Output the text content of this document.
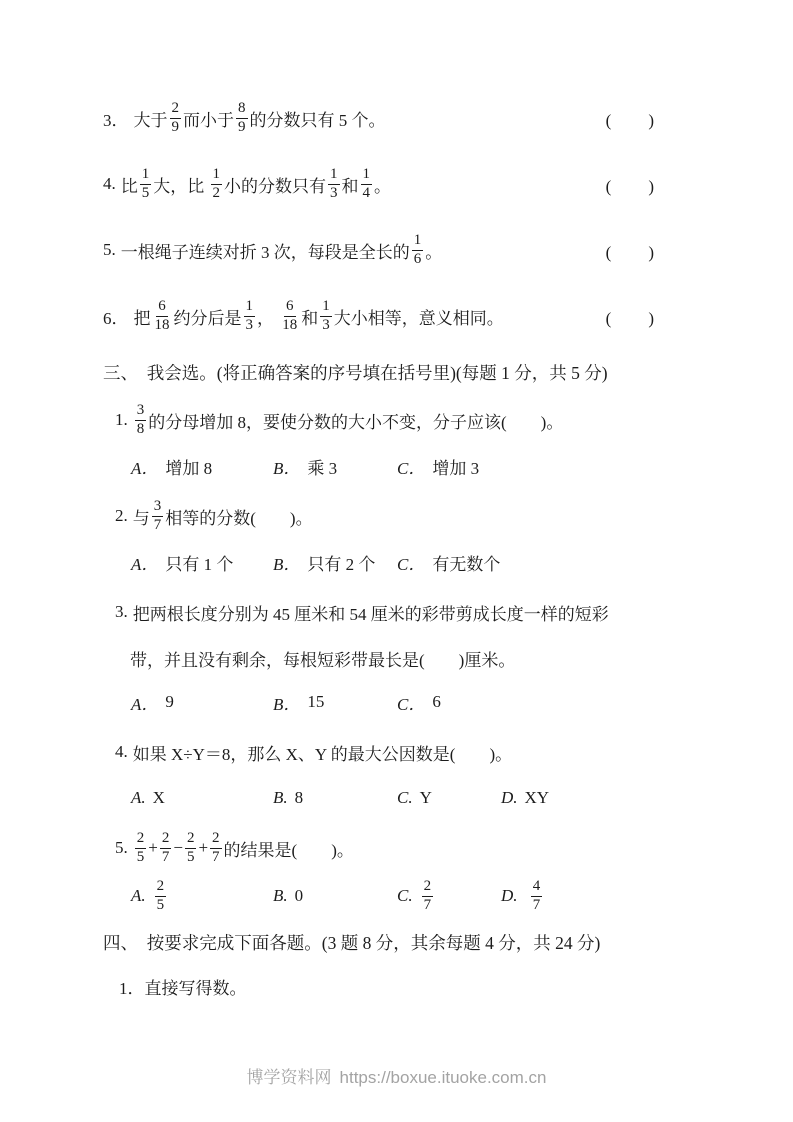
3． 大于 $\frac{2}{9}$ 而小于 $\frac{8}{9}$ 的分数只有 5 个。	(　　)
4. 比 $\frac{1}{5}$ 大，比 $\frac{1}{2}$ 小的分数只有 $\frac{1}{3}$ 和 $\frac{1}{4}$ 。	(　　)
5. 一根绳子连续对折 3 次，每段是全长的 $\frac{1}{6}$ 。	(　　)
6． 把 $\frac{6}{18}$ 约分后是 $\frac{1}{3}$ ， $\frac{6}{18}$ 和 $\frac{1}{3}$ 大小相等，意义相同。	(　　)
三、　我会选。(将正确答案的序号填在括号里)(每题 1 分，共 5 分)
1. $\frac{3}{8}$ 的分母增加 8，要使分数的大小不变，分子应该(　　)。
A． 增加 8	B． 乘 3	C． 增加 3
2. 与 $\frac{3}{7}$ 相等的分数(　　)。
A． 只有 1 个 B． 只有 2 个 C． 有无数个
3. 把两根长度分别为 45 厘米和 54 厘米的彩带剪成长度一样的短彩
带，并且没有剩余，每根短彩带最长是(　　)厘米。
A． 9	B． 15	C． 6
4. 如果 X÷Y＝8，那么 X、Y 的最大公因数是(　　)。
A. X	B. 8	C. Y	D. XY
5. $\frac{2}{5} + \frac{2}{7} - \frac{2}{5} + \frac{2}{7}$ 的结果是(　　)。
A. $\frac{2}{5}$	B. 0	C. $\frac{2}{7}$	D.
$\frac{4}{7}$
四、　按要求完成下面各题。(3 题 8 分，其余每题 4 分，共 24 分)
1．直接写得数。
博学资料网 https://boxue.ituoke.com.cn
